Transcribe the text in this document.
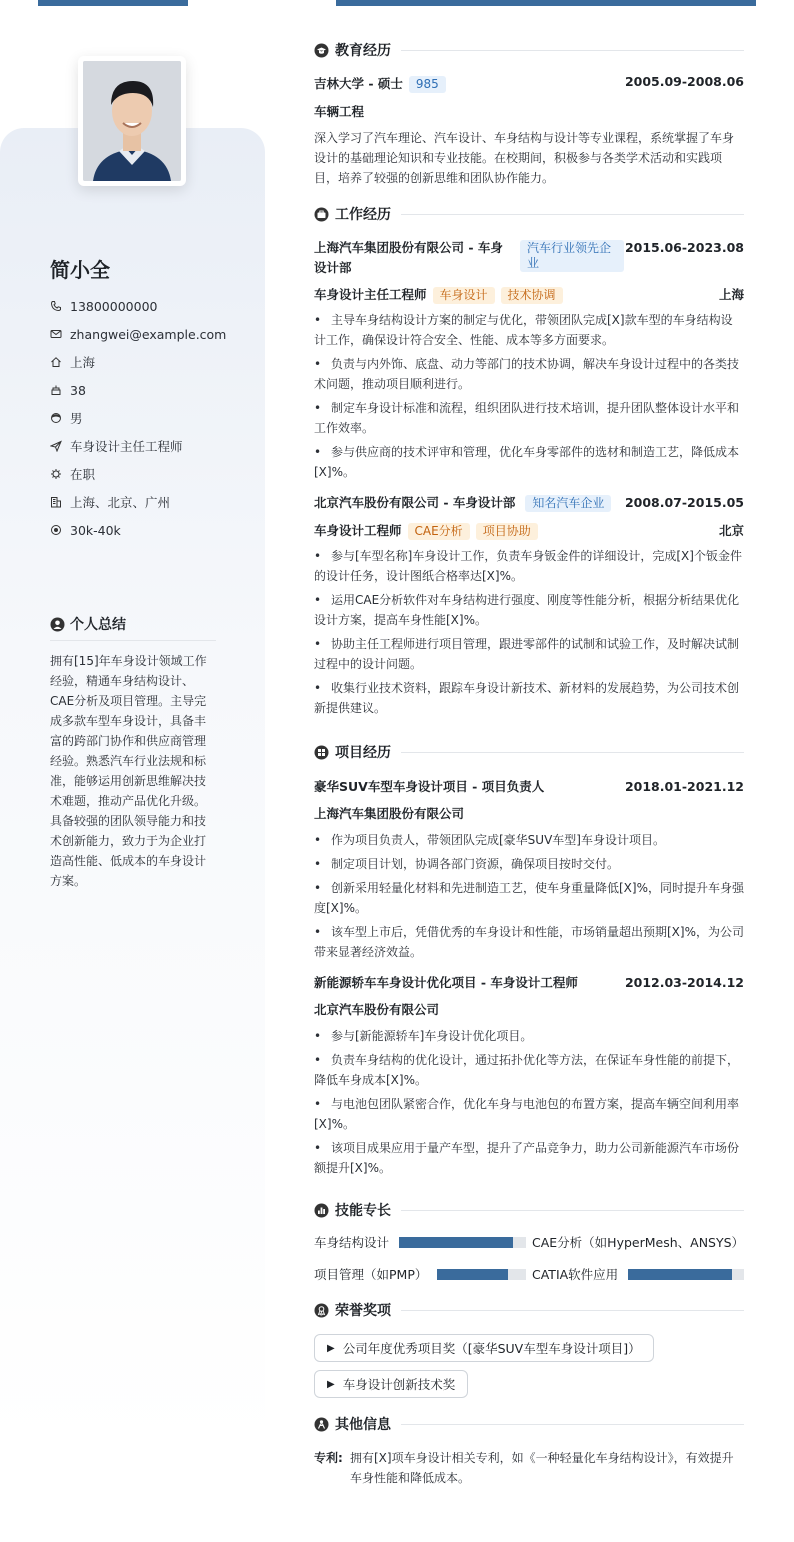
简小全
13800000000
zhangwei@example.com
上海
38
男
车身设计主任工程师
在职
上海、北京、广州
30k-40k
个人总结
拥有[15]年车身设计领域工作经验，精通车身结构设计、CAE分析及项目管理。主导完成多款车型车身设计，具备丰富的跨部门协作和供应商管理经验。熟悉汽车行业法规和标准，能够运用创新思维解决技术难题，推动产品优化升级。具备较强的团队领导能力和技术创新能力，致力于为企业打造高性能、低成本的车身设计方案。
教育经历
吉林大学 - 硕士 985	2005.09-2008.06
车辆工程
深入学习了汽车理论、汽车设计、车身结构与设计等专业课程，系统掌握了车身设计的基础理论知识和专业技能。在校期间，积极参与各类学术活动和实践项目，培养了较强的创新思维和团队协作能力。
工作经历
上海汽车集团股份有限公司 - 车身设计部
汽车行业领先企业
2015.06-2023.08
车身设计主任工程师 车身设计 技术协调	上海
• 主导车身结构设计方案的制定与优化，带领团队完成[X]款车型的车身结构设计工作，确保设计符合安全、性能、成本等多方面要求。
• 负责与内外饰、底盘、动力等部门的技术协调，解决车身设计过程中的各类技术问题，推动项目顺利进行。
• 制定车身设计标准和流程，组织团队进行技术培训，提升团队整体设计水平和工作效率。
• 参与供应商的技术评审和管理，优化车身零部件的选材和制造工艺，降低成本[X]%。
北京汽车股份有限公司 - 车身设计部 知名汽车企业	2008.07-2015.05
车身设计工程师 CAE分析 项目协助	北京
• 参与[车型名称]车身设计工作，负责车身钣金件的详细设计，完成[X]个钣金件的设计任务，设计图纸合格率达[X]%。
• 运用CAE分析软件对车身结构进行强度、刚度等性能分析，根据分析结果优化设计方案，提高车身性能[X]%。
• 协助主任工程师进行项目管理，跟进零部件的试制和试验工作，及时解决试制过程中的设计问题。
• 收集行业技术资料，跟踪车身设计新技术、新材料的发展趋势，为公司技术创新提供建议。
项目经历
豪华SUV车型车身设计项目 - 项目负责人	2018.01-2021.12
上海汽车集团股份有限公司
• 作为项目负责人，带领团队完成[豪华SUV车型]车身设计项目。
• 制定项目计划，协调各部门资源，确保项目按时交付。
• 创新采用轻量化材料和先进制造工艺，使车身重量降低[X]%，同时提升车身强度[X]%。
• 该车型上市后，凭借优秀的车身设计和性能，市场销量超出预期[X]%，为公司带来显著经济效益。
新能源轿车车身设计优化项目 - 车身设计工程师	2012.03-2014.12
北京汽车股份有限公司
• 参与[新能源轿车]车身设计优化项目。
• 负责车身结构的优化设计，通过拓扑优化等方法，在保证车身性能的前提下，降低车身成本[X]%。
• 与电池包团队紧密合作，优化车身与电池包的布置方案，提高车辆空间利用率[X]%。
• 该项目成果应用于量产车型，提升了产品竞争力，助力公司新能源汽车市场份额提升[X]%。
技能专长
车身结构设计	CAE分析（如HyperMesh、ANSYS）
项目管理（如PMP）	CATIA软件应用
荣誉奖项
▶ 公司年度优秀项目奖（[豪华SUV车型车身设计项目]）

▶ 车身设计创新技术奖
其他信息
专利: 拥有[X]项车身设计相关专利，如《一种轻量化车身结构设计》，有效提升车身性能和降低成本。
